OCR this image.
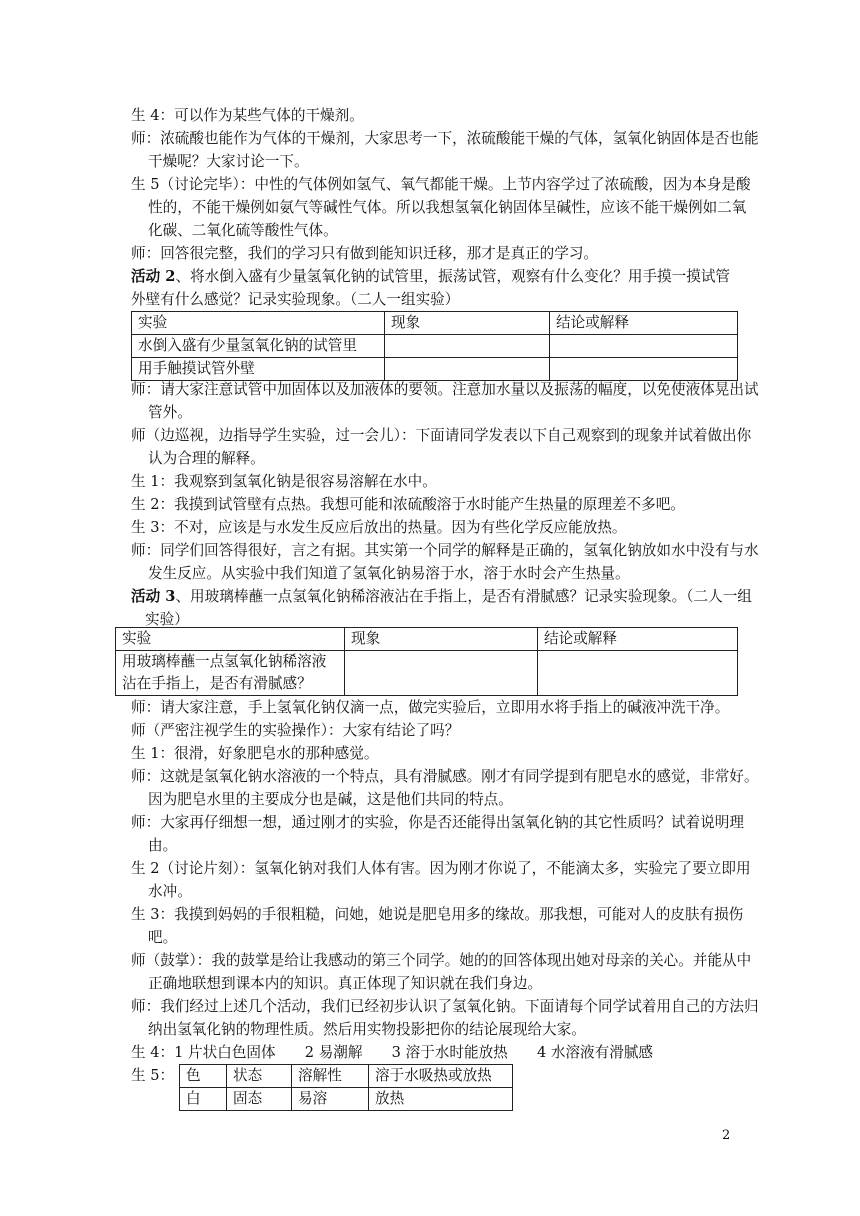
生 4：可以作为某些气体的干燥剂。
师：浓硫酸也能作为气体的干燥剂，大家思考一下，浓硫酸能干燥的气体，氢氧化钠固体是否也能干燥呢？大家讨论一下。
生 5（讨论完毕）：中性的气体例如氢气、氧气都能干燥。上节内容学过了浓硫酸，因为本身是酸性的，不能干燥例如氨气等碱性气体。所以我想氢氧化钠固体呈碱性，应该不能干燥例如二氧化碳、二氧化硫等酸性气体。
师：回答很完整，我们的学习只有做到能知识迁移，那才是真正的学习。
活动 2、将水倒入盛有少量氢氧化钠的试管里，振荡试管，观察有什么变化？用手摸一摸试管外壁有什么感觉？记录实验现象。（二人一组实验）
实验	现象	结论或解释
水倒入盛有少量氢氧化钠的试管里		
用手触摸试管外壁		
师：请大家注意试管中加固体以及加液体的要领。注意加水量以及振荡的幅度，以免使液体晃出试管外。
师（边巡视，边指导学生实验，过一会儿）：下面请同学发表以下自己观察到的现象并试着做出你认为合理的解释。
生 1：我观察到氢氧化钠是很容易溶解在水中。
生 2：我摸到试管壁有点热。我想可能和浓硫酸溶于水时能产生热量的原理差不多吧。
生 3：不对，应该是与水发生反应后放出的热量。因为有些化学反应能放热。
师：同学们回答得很好，言之有据。其实第一个同学的解释是正确的，氢氧化钠放如水中没有与水发生反应。从实验中我们知道了氢氧化钠易溶于水，溶于水时会产生热量。
活动 3、用玻璃棒蘸一点氢氧化钠稀溶液沾在手指上，是否有滑腻感？记录实验现象。（二人一组实验）
实验	现象	结论或解释
用玻璃棒蘸一点氢氧化钠稀溶液沾在手指上，是否有滑腻感？		
师：请大家注意，手上氢氧化钠仅滴一点，做完实验后，立即用水将手指上的碱液冲洗干净。
师（严密注视学生的实验操作）：大家有结论了吗？
生 1：很滑，好象肥皂水的那种感觉。
师：这就是氢氧化钠水溶液的一个特点，具有滑腻感。刚才有同学提到有肥皂水的感觉，非常好。因为肥皂水里的主要成分也是碱，这是他们共同的特点。
师：大家再仔细想一想，通过刚才的实验，你是否还能得出氢氧化钠的其它性质吗？试着说明理由。
生 2（讨论片刻）：氢氧化钠对我们人体有害。因为刚才你说了，不能滴太多，实验完了要立即用水冲。
生 3：我摸到妈妈的手很粗糙，问她，她说是肥皂用多的缘故。那我想，可能对人的皮肤有损伤吧。
师（鼓掌）：我的鼓掌是给让我感动的第三个同学。她的的回答体现出她对母亲的关心。并能从中正确地联想到课本内的知识。真正体现了知识就在我们身边。
师：我们经过上述几个活动，我们已经初步认识了氢氧化钠。下面请每个同学试着用自己的方法归纳出氢氧化钠的物理性质。然后用实物投影把你的结论展现给大家。
生 4：1 片状白色固体　　2 易潮解　　3 溶于水时能放热　　4 水溶液有滑腻感
生 5： 色	状态	溶解性	溶于水吸热或放热
白	固态	易溶	放热
2
